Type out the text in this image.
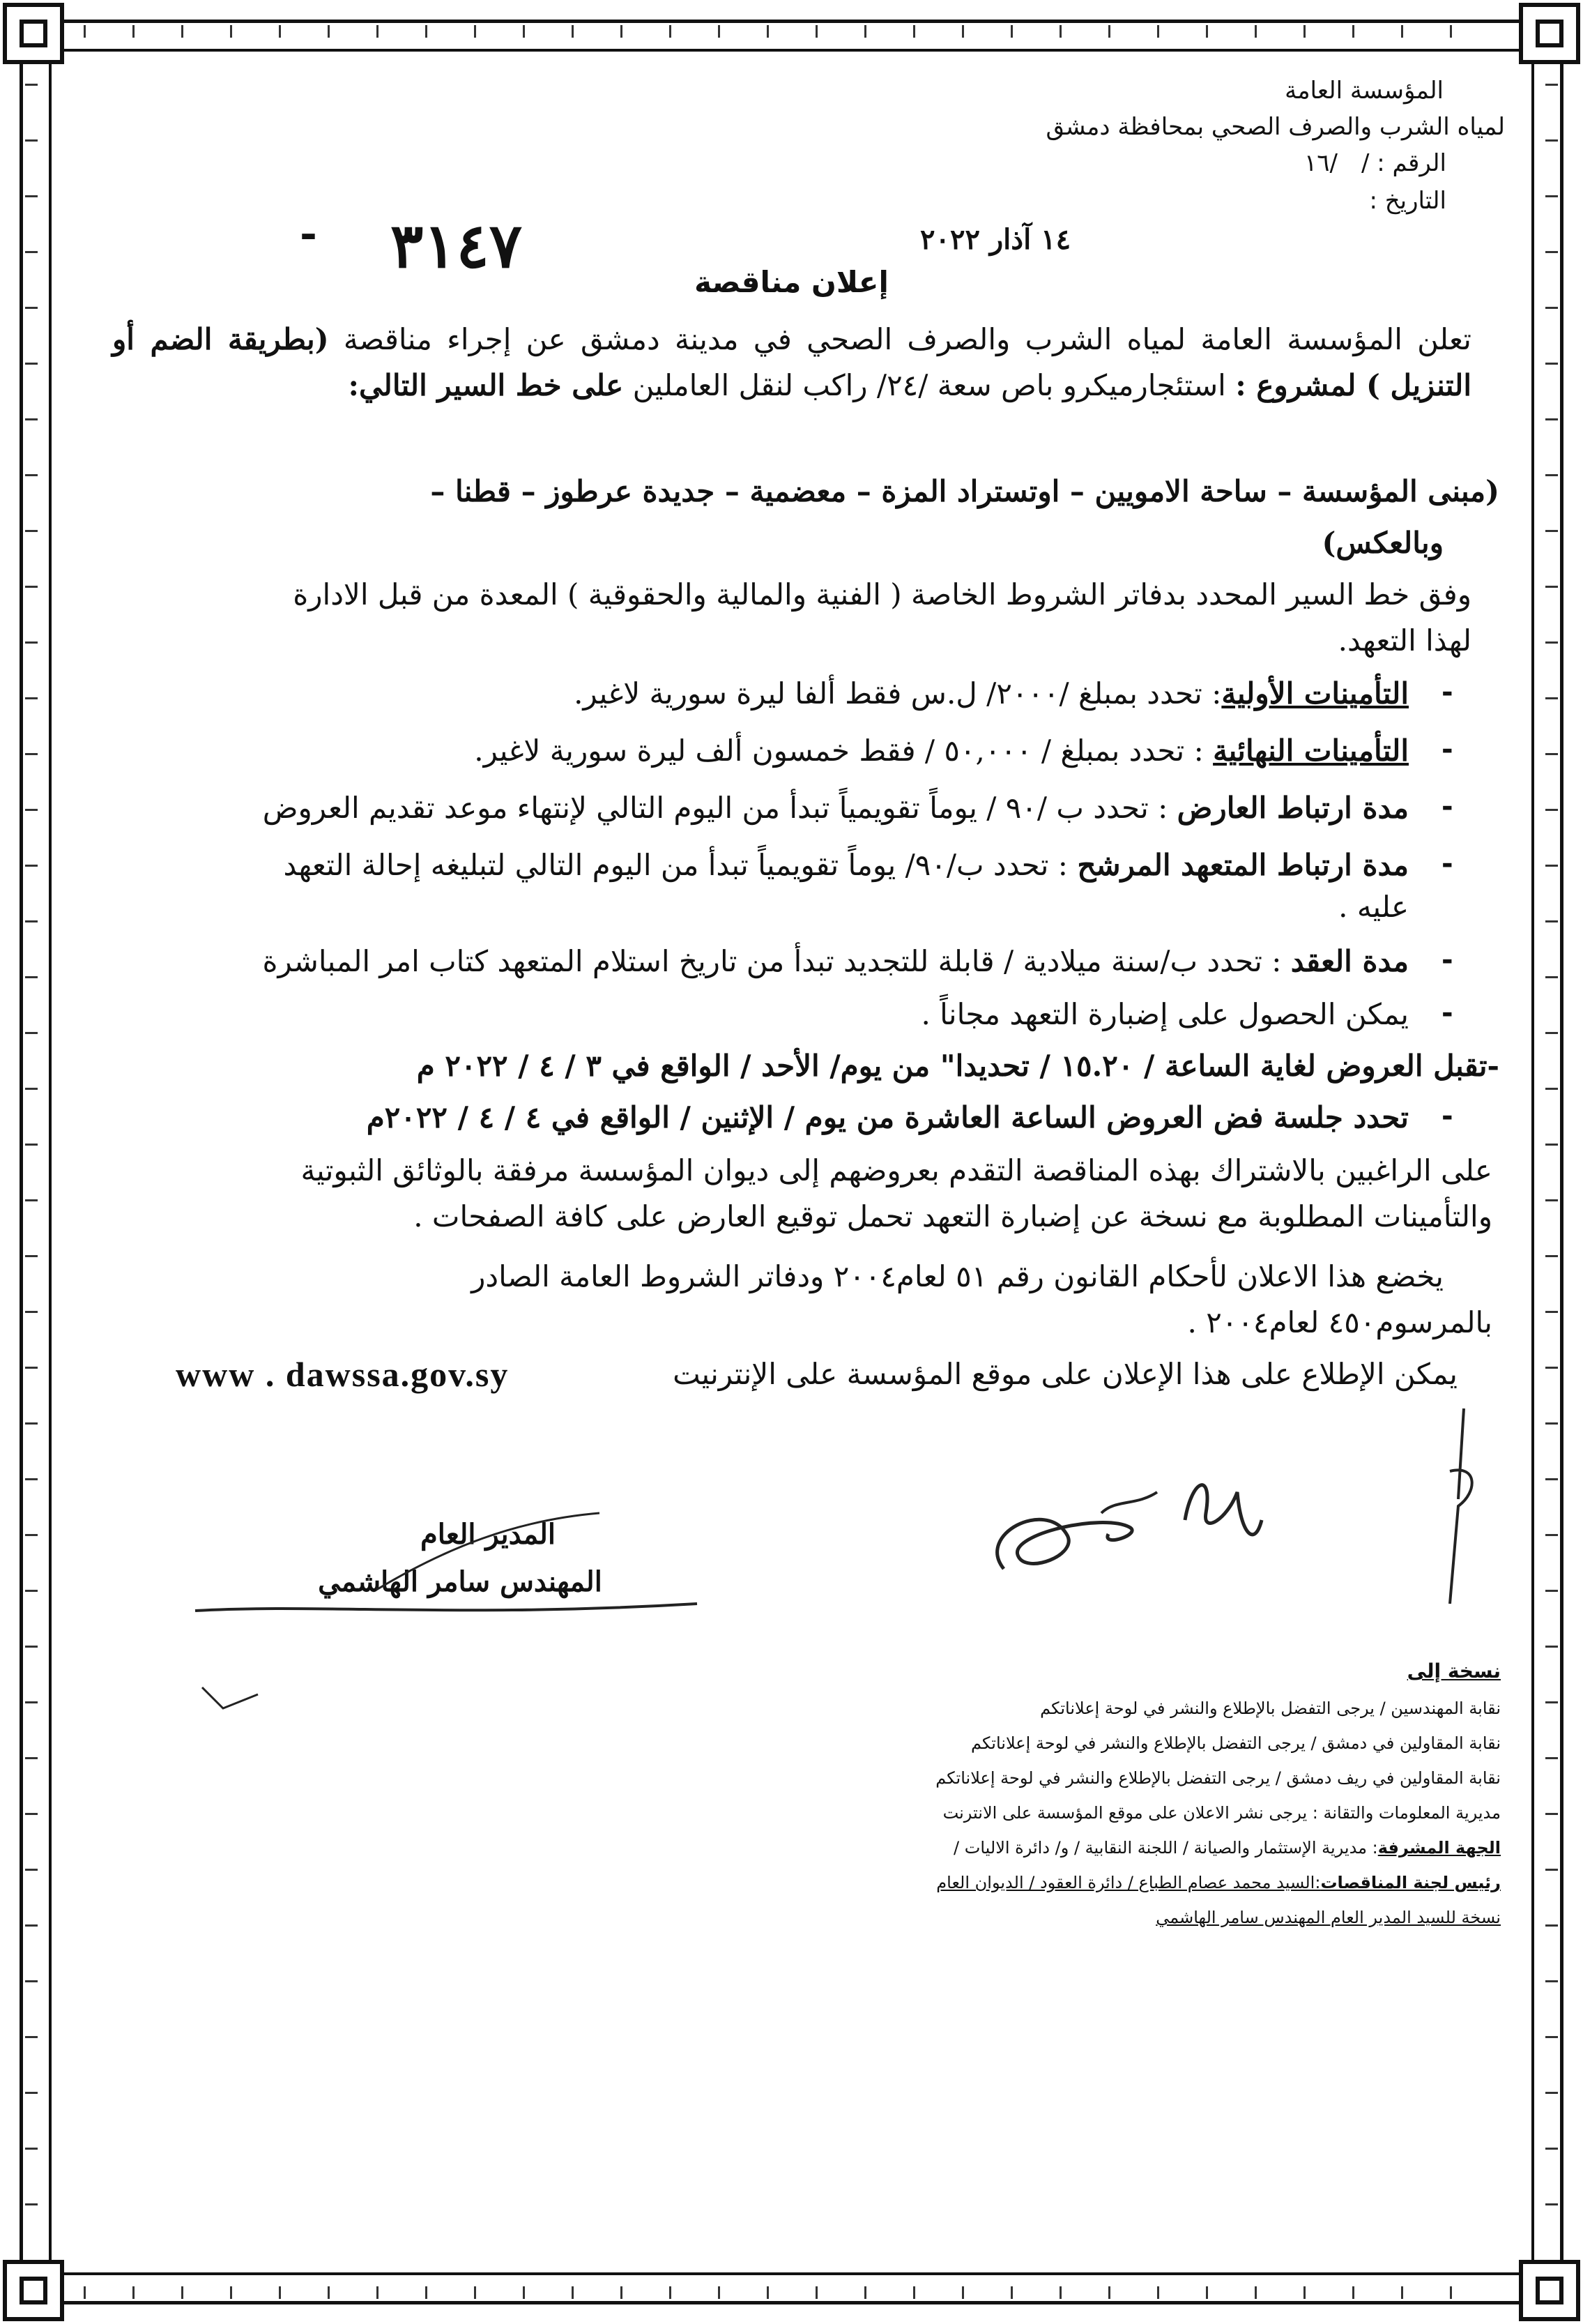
المؤسسة العامة
لمياه الشرب والصرف الصحي بمحافظة دمشق
الرقم : /
/١٦
التاريخ :
١٤ آذار ٢٠٢٢
٣١٤٧
-
إعلان مناقصة
تعلن المؤسسة العامة لمياه الشرب والصرف الصحي في مدينة دمشق عن إجراء مناقصة (بطريقة الضم أو التنزيل ) لمشروع : استئجارميكرو باص سعة /٢٤/ راكب لنقل العاملين على خط السير التالي:
(مبنى المؤسسة – ساحة الامويين – اوتستراد المزة – معضمية – جديدة عرطوز – قطنا –
وبالعكس)
وفق خط السير المحدد بدفاتر الشروط الخاصة ( الفنية والمالية والحقوقية ) المعدة من قبل الادارة
لهذا التعهد.
-
التأمينات الأولية: تحدد بمبلغ /٢٠٠٠/ ل.س فقط ألفا ليرة سورية لاغير.
-
التأمينات النهائية : تحدد بمبلغ / ٥٠,٠٠٠ / فقط خمسون ألف ليرة سورية لاغير.
-
مدة ارتباط العارض : تحدد ب /٩٠ / يوماً تقويمياً تبدأ من اليوم التالي لإنتهاء موعد تقديم العروض
-
مدة ارتباط المتعهد المرشح : تحدد ب/٩٠/ يوماً تقويمياً تبدأ من اليوم التالي لتبليغه إحالة التعهد
عليه .
-
مدة العقد : تحدد ب/سنة ميلادية / قابلة للتجديد تبدأ من تاريخ استلام المتعهد كتاب امر المباشرة
-
يمكن الحصول على إضبارة التعهد مجاناً .
-تقبل العروض لغاية الساعة / ١٥.٢٠ / تحديدا" من يوم/ الأحد / الواقع في ٣ / ٤ / ٢٠٢٢ م
-
تحدد جلسة فض العروض الساعة العاشرة من يوم / الإثنين / الواقع في ٤ / ٤ / ٢٠٢٢م
على الراغبين بالاشتراك بهذه المناقصة التقدم بعروضهم إلى ديوان المؤسسة مرفقة بالوثائق الثبوتية
والتأمينات المطلوبة مع نسخة عن إضبارة التعهد تحمل توقيع العارض على كافة الصفحات .
يخضع هذا الاعلان لأحكام القانون رقم ٥١ لعام٢٠٠٤ ودفاتر الشروط العامة الصادر
بالمرسوم٤٥٠ لعام٢٠٠٤ .
يمكن الإطلاع على هذا الإعلان على موقع المؤسسة على الإنترنيت
www . dawssa.gov.sy
المدير العام
المهندس سامر الهاشمي
نسخة إلى
نقابة المهندسين / يرجى التفضل بالإطلاع والنشر في لوحة إعلاناتكم
نقابة المقاولين في دمشق / يرجى التفضل بالإطلاع والنشر في لوحة إعلاناتكم
نقابة المقاولين في ريف دمشق / يرجى التفضل بالإطلاع والنشر في لوحة إعلاناتكم
مديرية المعلومات والتقانة : يرجى نشر الاعلان على موقع المؤسسة على الانترنت
الجهة المشرفة: مديرية الإستثمار والصيانة / اللجنة النقابية / و/ دائرة الاليات /
رئيس لجنة المناقصات:السيد محمد عصام الطباع / دائرة العقود / الديوان العام
نسخة للسيد المدير العام المهندس سامر الهاشمي
